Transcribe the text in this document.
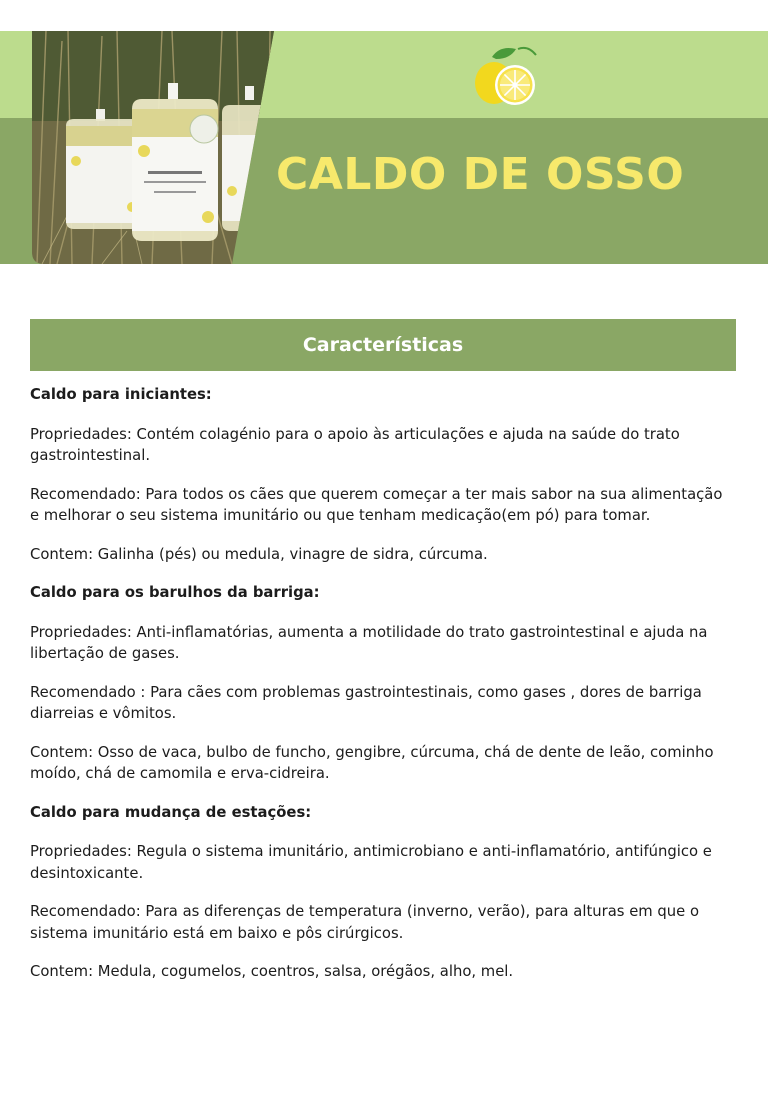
CALDO DE OSSO
Características

Caldo para iniciantes:

Propriedades: Contém colagénio para o apoio às articulações e ajuda na saúde do trato gastrointestinal.

Recomendado: Para todos os cães que querem começar a ter mais sabor na sua alimentação e melhorar o seu sistema imunitário ou que tenham medicação(em pó) para tomar.

Contem: Galinha (pés) ou medula, vinagre de sidra, cúrcuma.

Caldo para os barulhos da barriga:

Propriedades: Anti-inflamatórias, aumenta a motilidade do trato gastrointestinal e ajuda na libertação de gases.

Recomendado : Para cães com problemas gastrointestinais, como gases , dores de barriga diarreias e vômitos.

Contem: Osso de vaca, bulbo de funcho, gengibre, cúrcuma, chá de dente de leão, cominho moído, chá de camomila e erva-cidreira.

Caldo para mudança de estações:

Propriedades: Regula o sistema imunitário, antimicrobiano e anti-inflamatório, antifúngico e desintoxicante.

Recomendado: Para as diferenças de temperatura (inverno, verão), para alturas em que o sistema imunitário está em baixo e pôs cirúrgicos.

Contem: Medula, cogumelos, coentros, salsa, orégãos, alho, mel.
